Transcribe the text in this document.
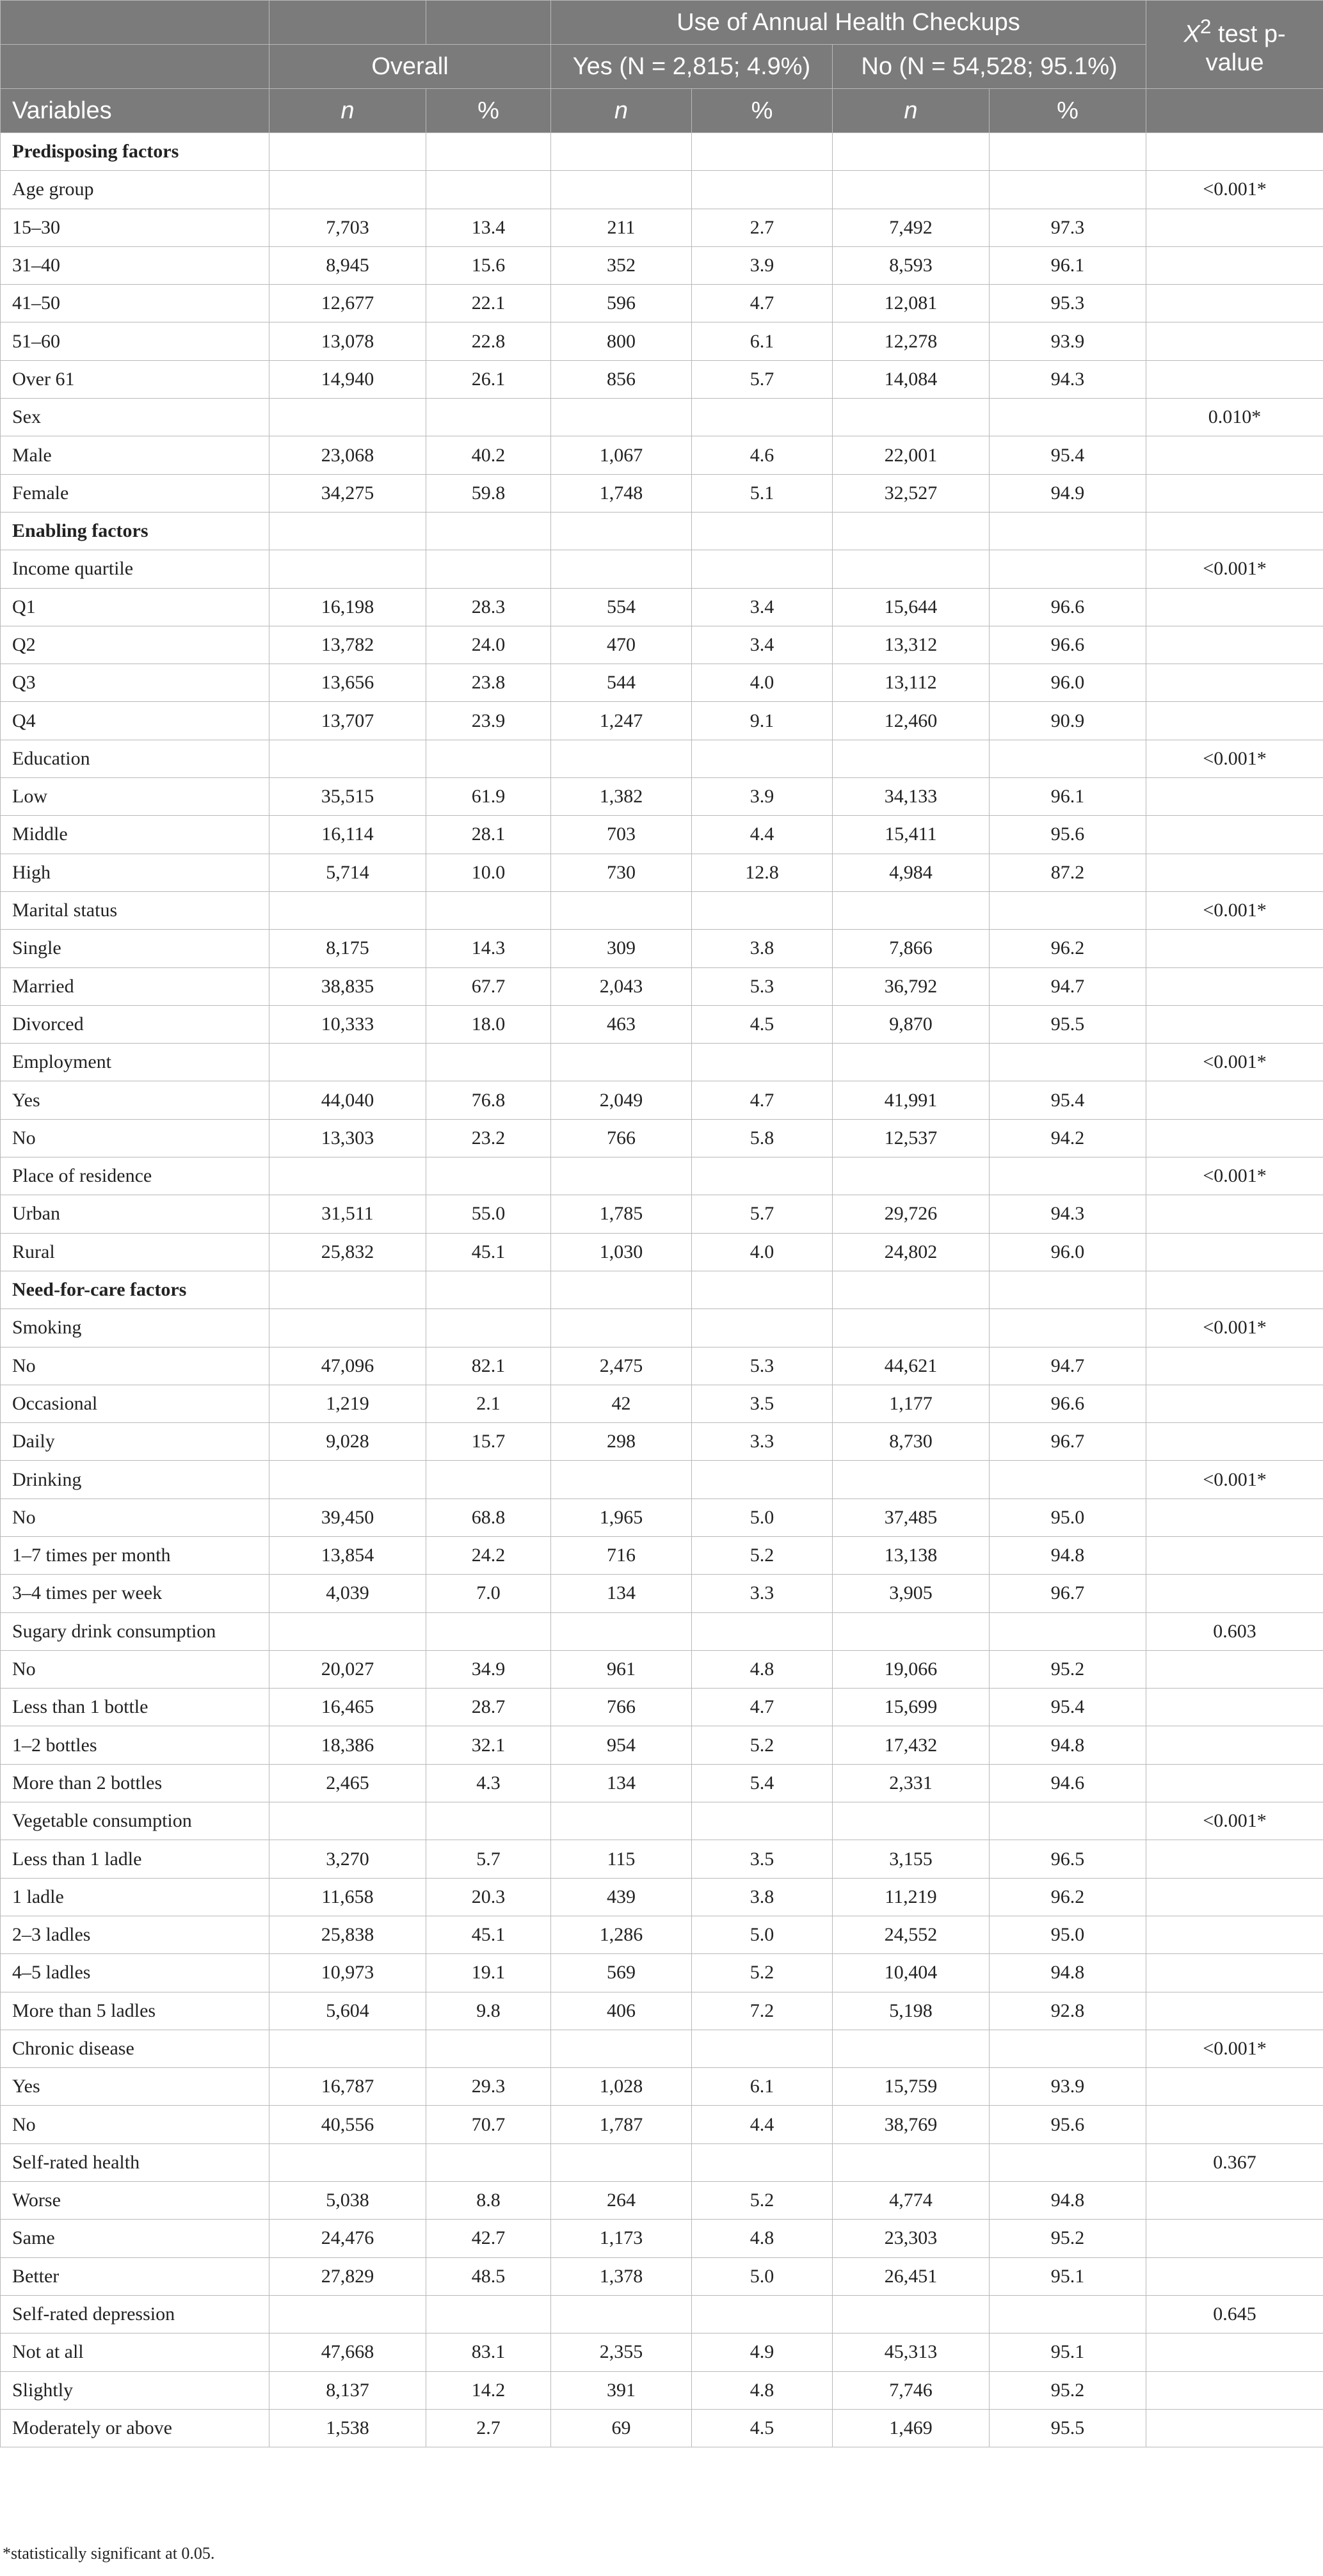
			Use of Annual Health Checkups				$X^2$ test p-value
	Overall		Yes (N = 2,815; 4.9%)		No (N = 54,528; 95.1%)		
Variables	n	%	n	%	n	%	
Predisposing factors							
Age group							<0.001*
15–30	7,703	13.4	211	2.7	7,492	97.3	
31–40	8,945	15.6	352	3.9	8,593	96.1	
41–50	12,677	22.1	596	4.7	12,081	95.3	
51–60	13,078	22.8	800	6.1	12,278	93.9	
Over 61	14,940	26.1	856	5.7	14,084	94.3	
Sex							0.010*
Male	23,068	40.2	1,067	4.6	22,001	95.4	
Female	34,275	59.8	1,748	5.1	32,527	94.9	
Enabling factors							
Income quartile							<0.001*
Q1	16,198	28.3	554	3.4	15,644	96.6	
Q2	13,782	24.0	470	3.4	13,312	96.6	
Q3	13,656	23.8	544	4.0	13,112	96.0	
Q4	13,707	23.9	1,247	9.1	12,460	90.9	
Education							<0.001*
Low	35,515	61.9	1,382	3.9	34,133	96.1	
Middle	16,114	28.1	703	4.4	15,411	95.6	
High	5,714	10.0	730	12.8	4,984	87.2	
Marital status							<0.001*
Single	8,175	14.3	309	3.8	7,866	96.2	
Married	38,835	67.7	2,043	5.3	36,792	94.7	
Divorced	10,333	18.0	463	4.5	9,870	95.5	
Employment							<0.001*
Yes	44,040	76.8	2,049	4.7	41,991	95.4	
No	13,303	23.2	766	5.8	12,537	94.2	
Place of residence							<0.001*
Urban	31,511	55.0	1,785	5.7	29,726	94.3	
Rural	25,832	45.1	1,030	4.0	24,802	96.0	
Need-for-care factors							
Smoking							<0.001*
No	47,096	82.1	2,475	5.3	44,621	94.7	
Occasional	1,219	2.1	42	3.5	1,177	96.6	
Daily	9,028	15.7	298	3.3	8,730	96.7	
Drinking							<0.001*
No	39,450	68.8	1,965	5.0	37,485	95.0	
1–7 times per month	13,854	24.2	716	5.2	13,138	94.8	
3–4 times per week	4,039	7.0	134	3.3	3,905	96.7	
Sugary drink consumption							0.603
No	20,027	34.9	961	4.8	19,066	95.2	
Less than 1 bottle	16,465	28.7	766	4.7	15,699	95.4	
1–2 bottles	18,386	32.1	954	5.2	17,432	94.8	
More than 2 bottles	2,465	4.3	134	5.4	2,331	94.6	
Vegetable consumption							<0.001*
Less than 1 ladle	3,270	5.7	115	3.5	3,155	96.5	
1 ladle	11,658	20.3	439	3.8	11,219	96.2	
2–3 ladles	25,838	45.1	1,286	5.0	24,552	95.0	
4–5 ladles	10,973	19.1	569	5.2	10,404	94.8	
More than 5 ladles	5,604	9.8	406	7.2	5,198	92.8	
Chronic disease							<0.001*
Yes	16,787	29.3	1,028	6.1	15,759	93.9	
No	40,556	70.7	1,787	4.4	38,769	95.6	
Self-rated health							0.367
Worse	5,038	8.8	264	5.2	4,774	94.8	
Same	24,476	42.7	1,173	4.8	23,303	95.2	
Better	27,829	48.5	1,378	5.0	26,451	95.1	
Self-rated depression							0.645
Not at all	47,668	83.1	2,355	4.9	45,313	95.1	
Slightly	8,137	14.2	391	4.8	7,746	95.2	
Moderately or above	1,538	2.7	69	4.5	1,469	95.5	
*statistically significant at 0.05.
